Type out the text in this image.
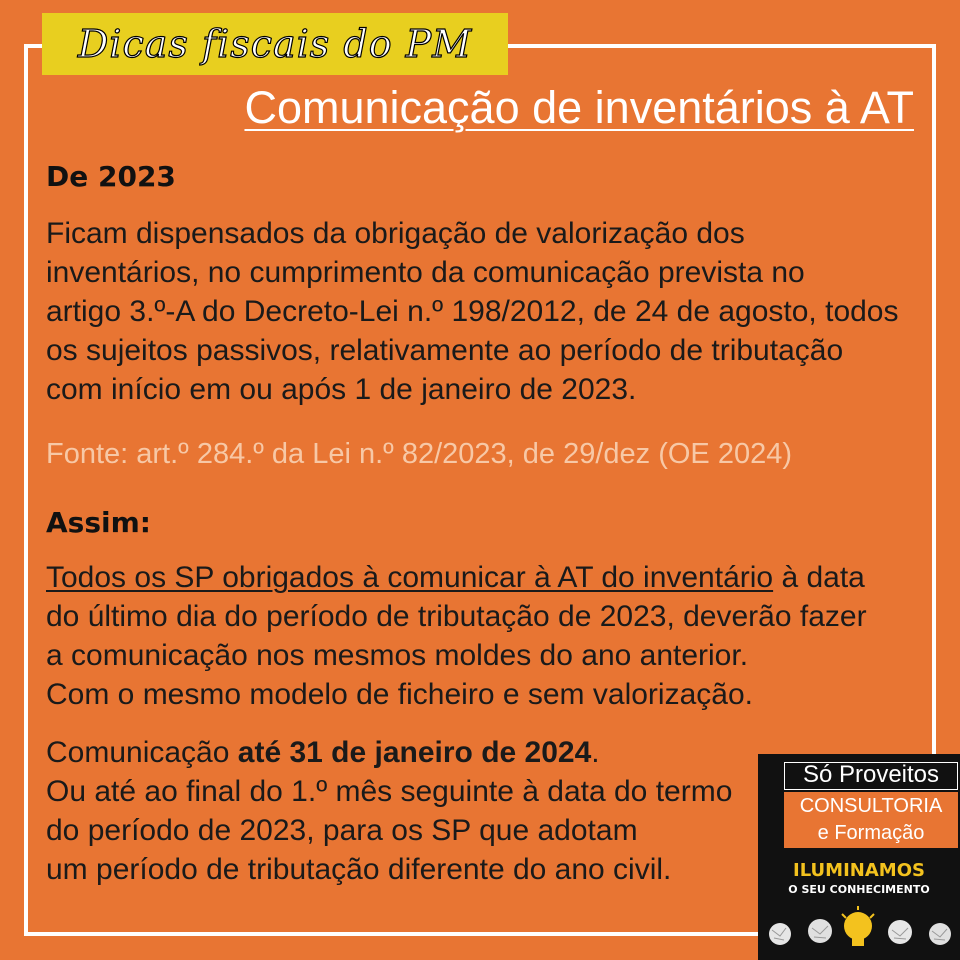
Dicas fiscais do PM
Comunicação de inventários à AT
De 2023

Ficam dispensados da obrigação de valorização dos

inventários, no cumprimento da comunicação prevista no

artigo 3.º-A do Decreto-Lei n.º 198/2012, de 24 de agosto, todos

os sujeitos passivos, relativamente ao período de tributação

com início em ou após 1 de janeiro de 2023.

Fonte: art.º 284.º da Lei n.º 82/2023, de 29/dez (OE 2024)
Assim:

Todos os SP obrigados à comunicar à AT do inventário à data

do último dia do período de tributação de 2023, deverão fazer

a comunicação nos mesmos moldes do ano anterior.

Com o mesmo modelo de ficheiro e sem valorização.

Comunicação até 31 de janeiro de 2024.

Ou até ao final do 1.º mês seguinte à data do termo

do período de 2023, para os SP que adotam

um período de tributação diferente do ano civil.

Só Proveitos
CONSULTORIA
e Formação
ILUMINAMOS
O SEU CONHECIMENTO
